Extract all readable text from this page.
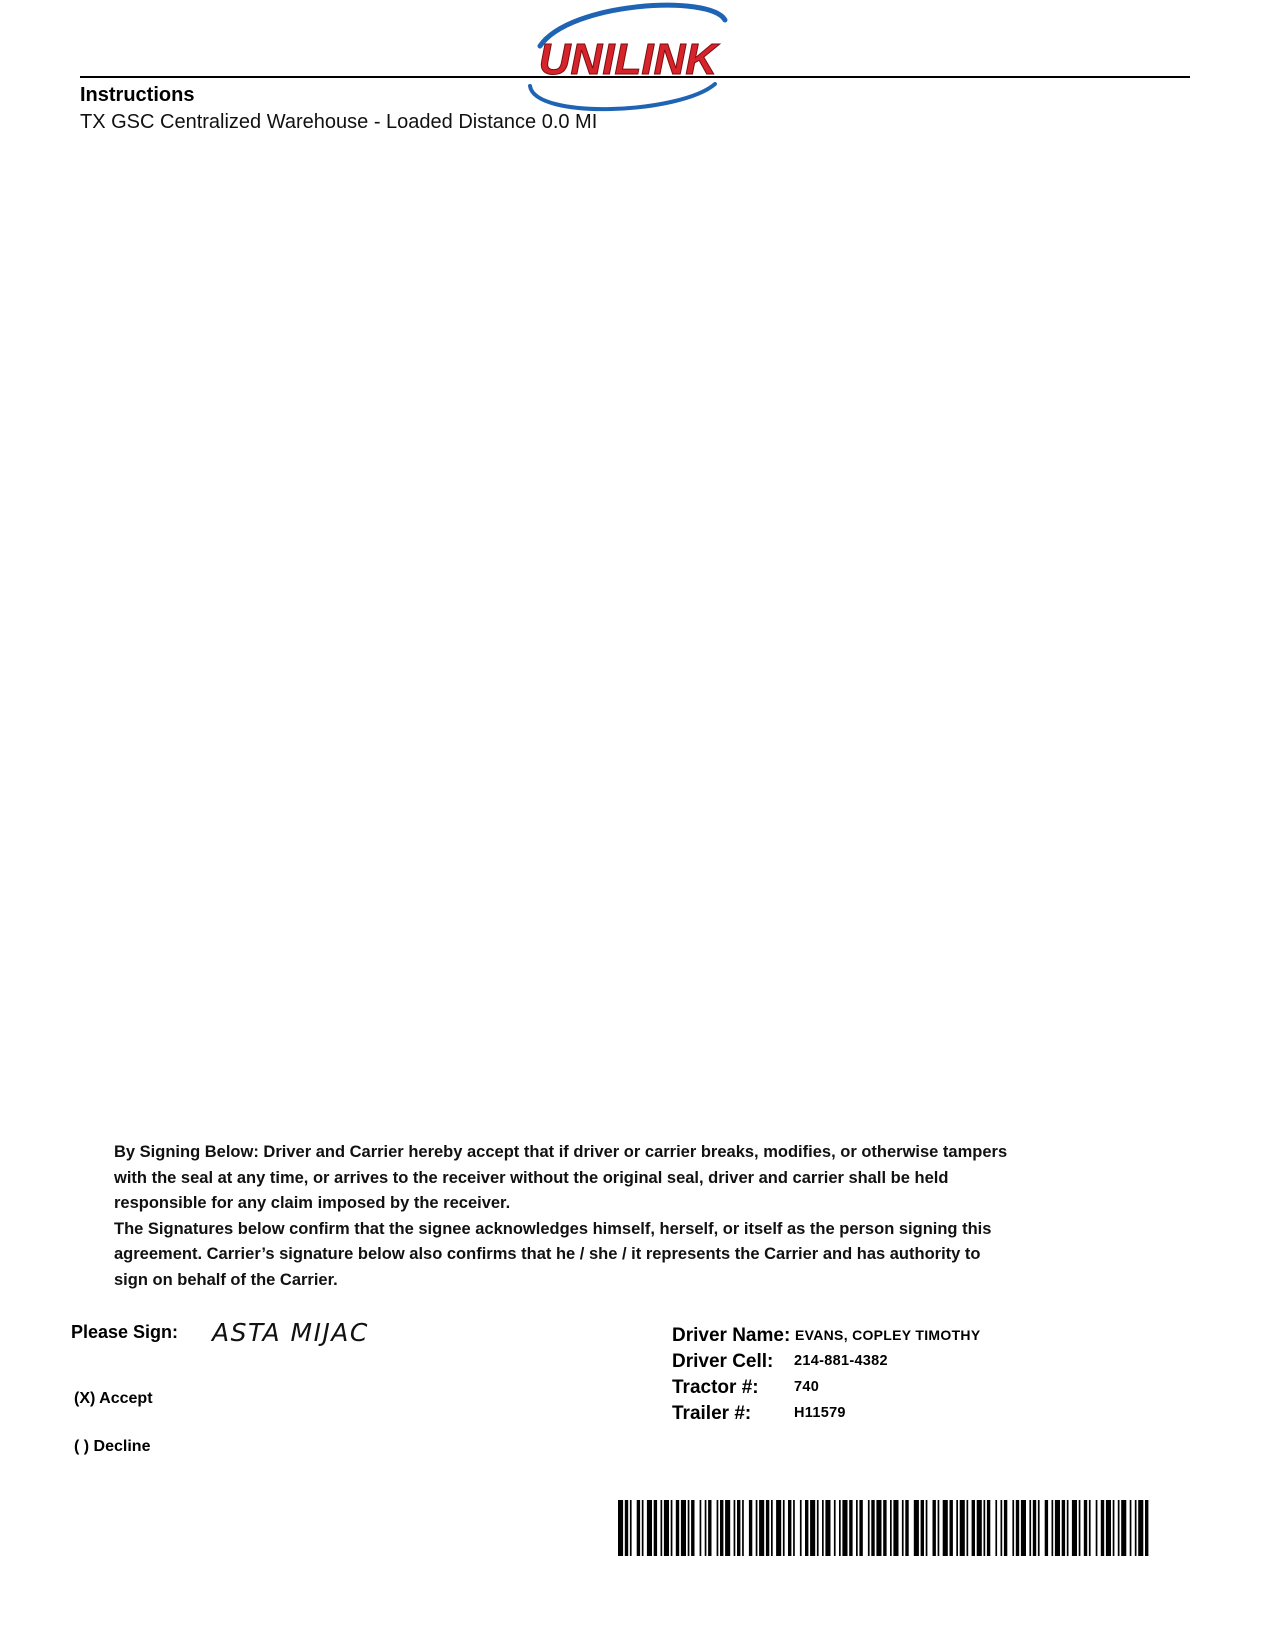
UNILINK
Instructions
TX GSC Centralized Warehouse - Loaded Distance 0.0 MI

By Signing Below: Driver and Carrier hereby accept that if driver or carrier breaks, modifies, or otherwise tampers with the seal at any time, or arrives to the receiver without the original seal, driver and carrier shall be held responsible for any claim imposed by the receiver.

The Signatures below confirm that the signee acknowledges himself, herself, or itself as the person signing this agreement. Carrier’s signature below also confirms that he / she / it represents the Carrier and has authority to sign on behalf of the Carrier.

Please Sign: ASTA MIJAC
(X) Accept
( ) Decline
Driver Name: EVANS, COPLEY TIMOTHY
Driver Cell: 214-881-4382
Tractor #: 740
Trailer #:	H11579
